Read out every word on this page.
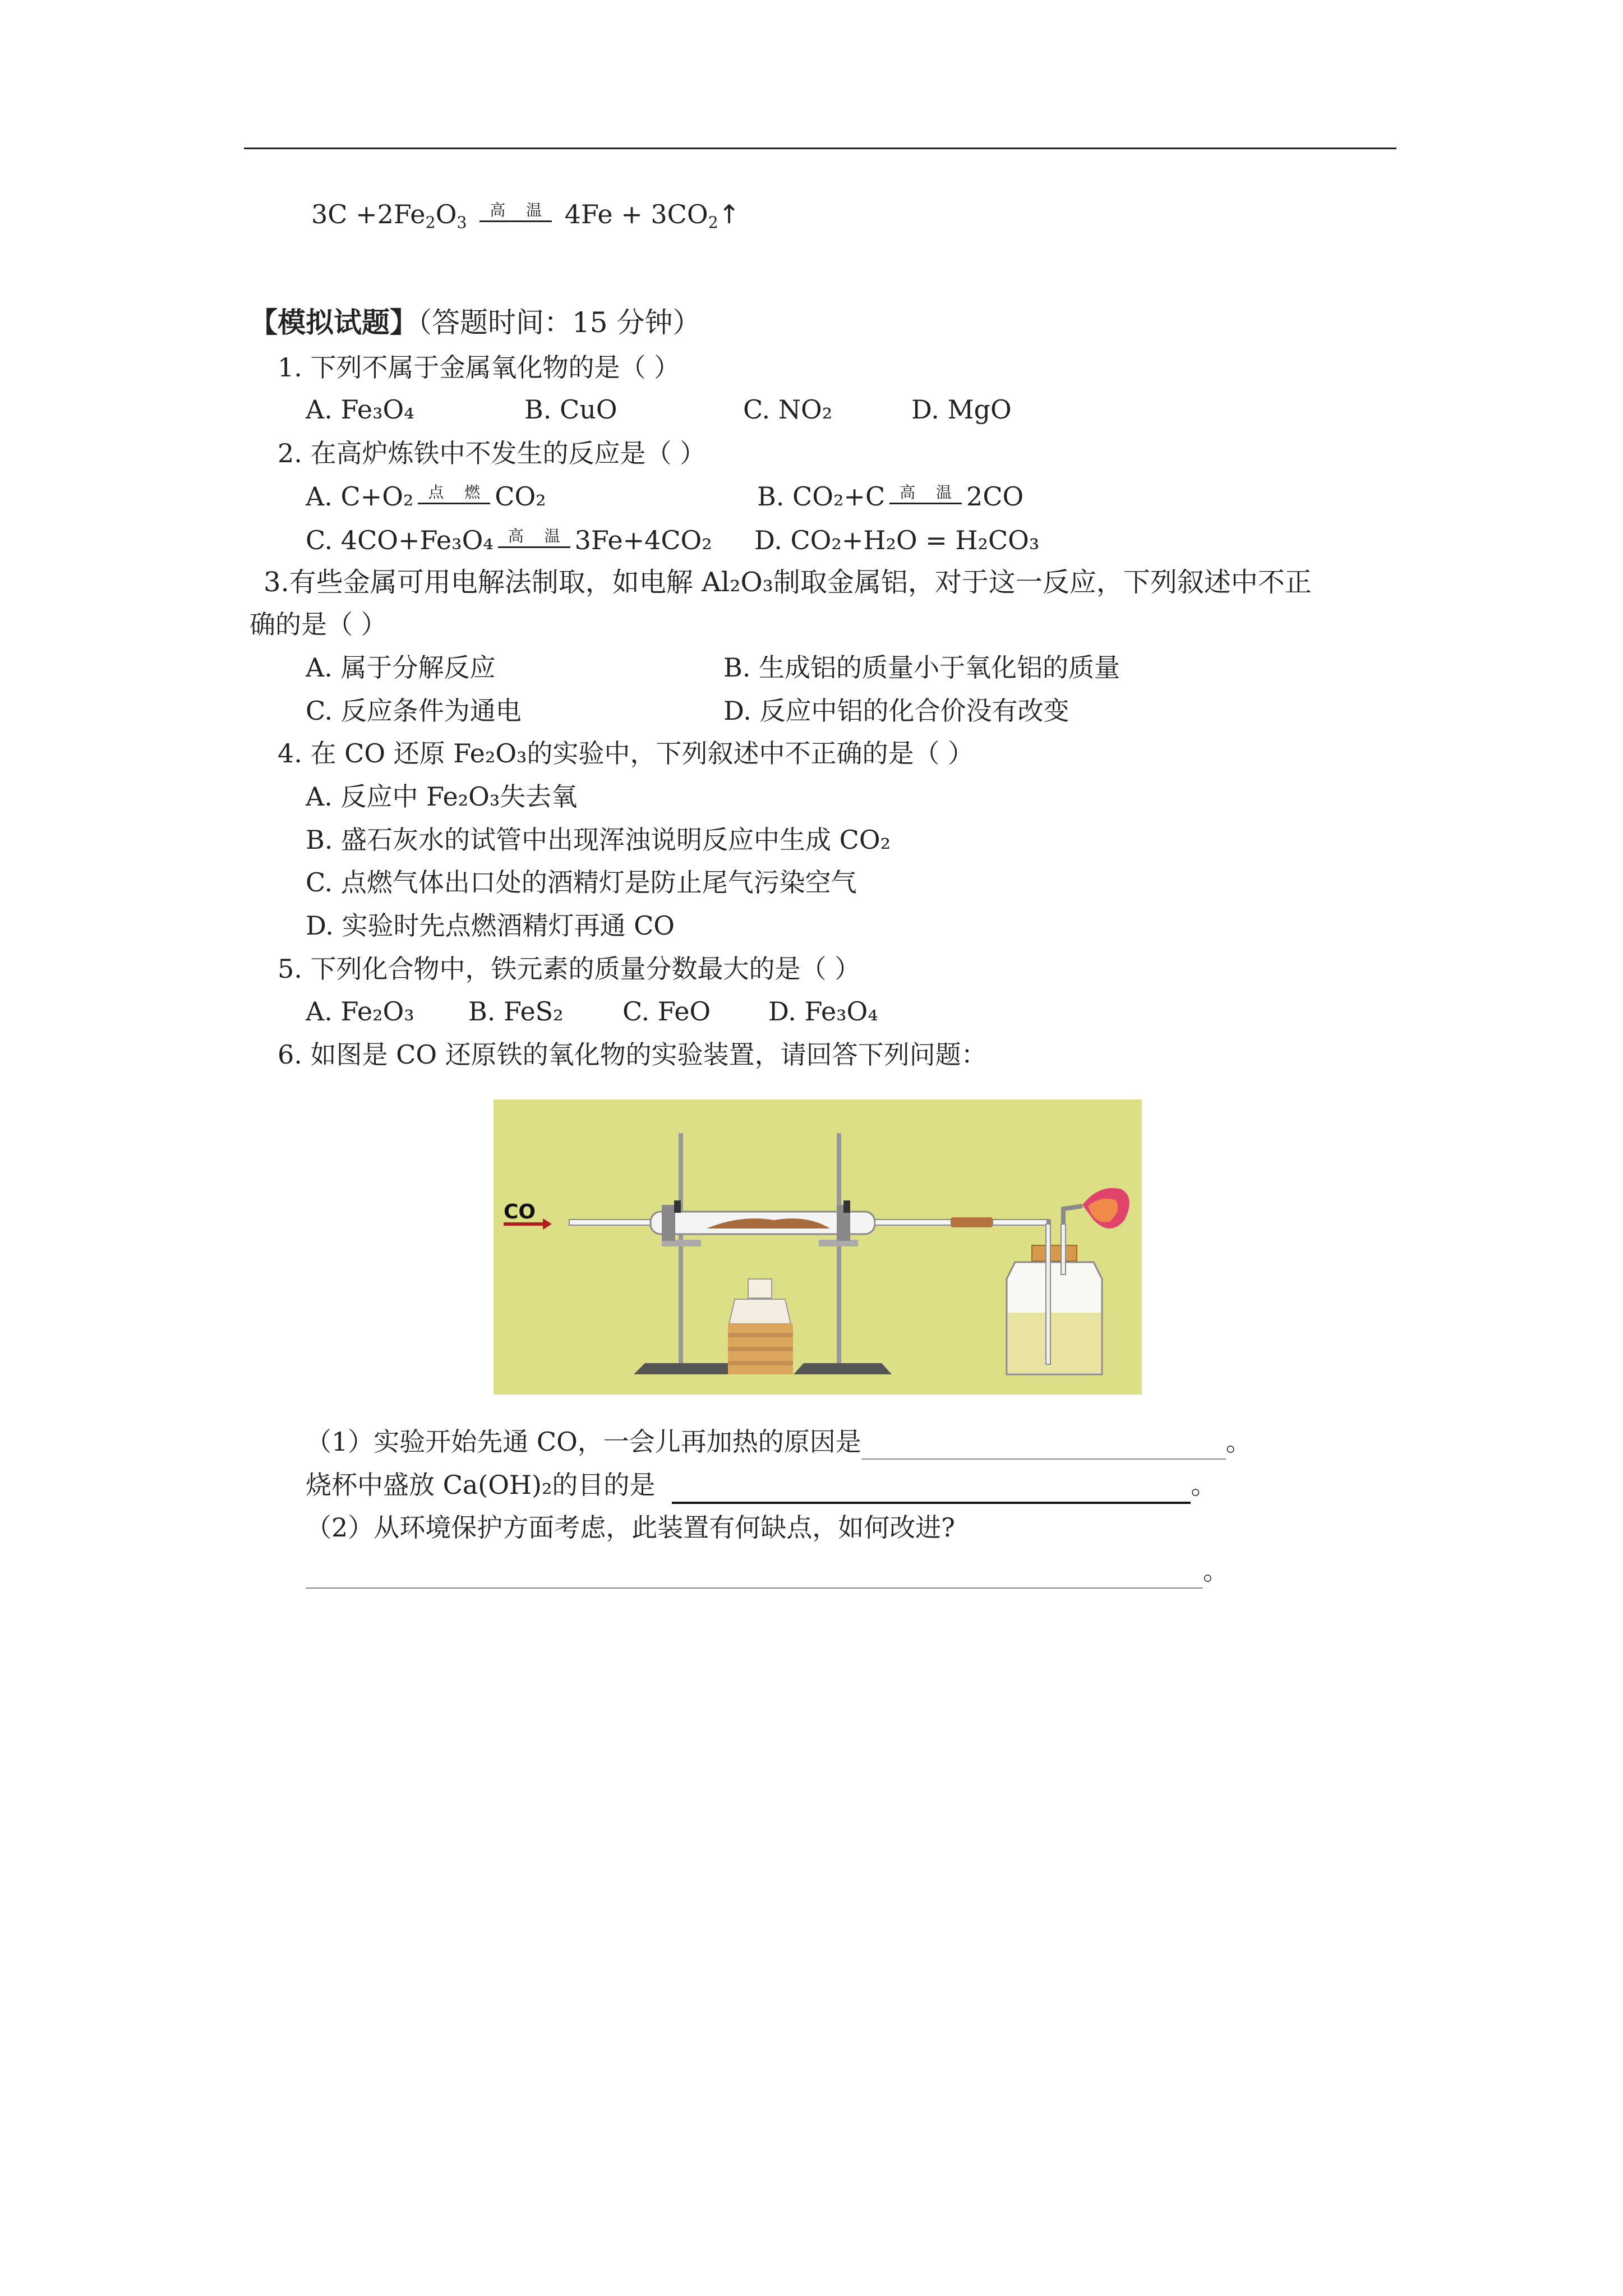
$3C +2Fe_2O_3$
高 温 $4Fe + 3CO_2↑$
【模拟试题】（答题时间：15 分钟）
1. 下列不属于金属氧化物的是（ ）
A. Fe₃O₄	B. CuO	C. NO₂	D. MgO
2. 在高炉炼铁中不发生的反应是（ ）
A. C+O₂ 点 燃 CO₂	B. CO₂+C 高 温 2CO
C. 4CO+Fe₃O₄ 高 温 3Fe+4CO₂ D. CO₂+H₂O = H₂CO₃
3.有些金属可用电解法制取，如电解 Al₂O₃制取金属铝，对于这一反应，下列叙述中不正
确的是（ ）
A. 属于分解反应	B. 生成铝的质量小于氧化铝的质量
C. 反应条件为通电	D. 反应中铝的化合价没有改变
4. 在 CO 还原 Fe₂O₃的实验中，下列叙述中不正确的是（ ）
A. 反应中 Fe₂O₃失去氧
B. 盛石灰水的试管中出现浑浊说明反应中生成 CO₂
C. 点燃气体出口处的酒精灯是防止尾气污染空气
D. 实验时先点燃酒精灯再通 CO
5. 下列化合物中，铁元素的质量分数最大的是（ ）
A. Fe₂O₃ B. FeS₂ C. FeO D. Fe₃O₄
6. 如图是 CO 还原铁的氧化物的实验装置，请回答下列问题：
CO
（1）实验开始先通 CO，一会儿再加热的原因是	。
烧杯中盛放 Ca(OH)₂的目的是	。
（2）从环境保护方面考虑，此装置有何缺点，如何改进?
。
